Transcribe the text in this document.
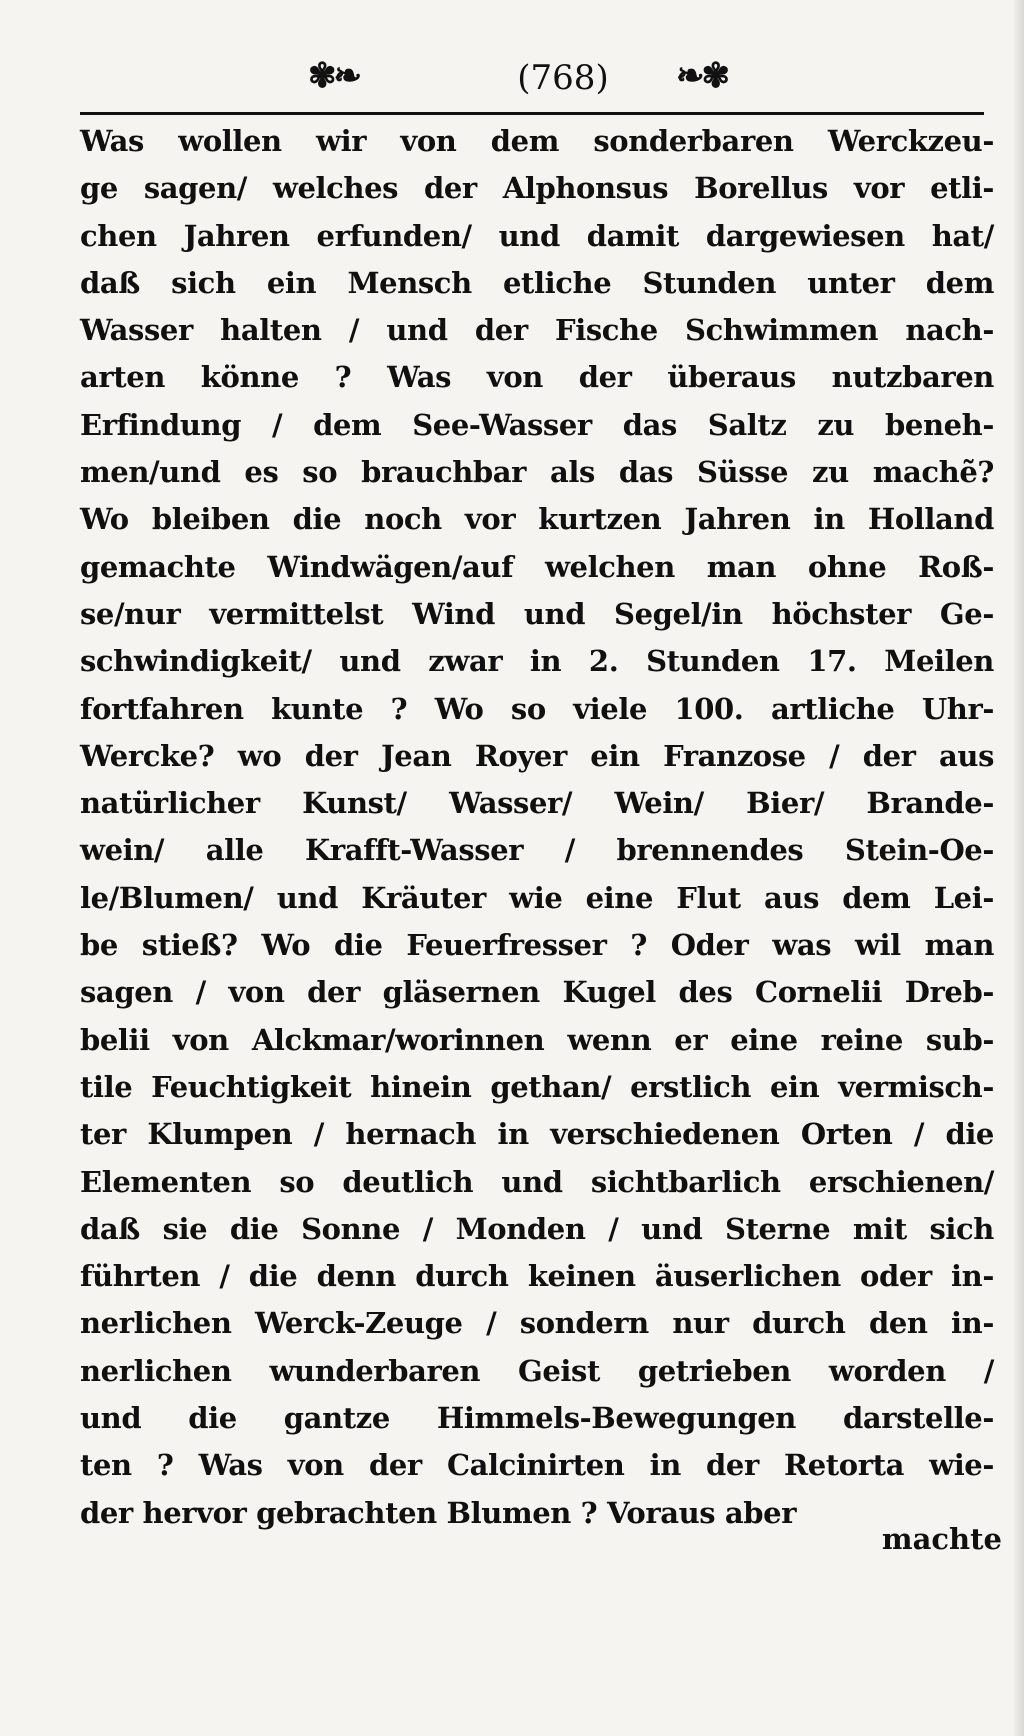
✾❧	(768)	❧✾
Was wollen wir von dem sonderbaren Werckzeu-
ge sagen/ welches der Alphonsus Borellus vor etli-
chen Jahren erfunden/ und damit dargewiesen hat/
daß sich ein Mensch etliche Stunden unter dem
Wasser halten / und der Fische Schwimmen nach-
arten könne ? Was von der überaus nutzbaren
Erfindung / dem See-Wasser das Saltz zu beneh-
men/und es so brauchbar als das Süsse zu machẽ?
Wo bleiben die noch vor kurtzen Jahren in Holland
gemachte Windwägen/auf welchen man ohne Roß-
se/nur vermittelst Wind und Segel/in höchster Ge-
schwindigkeit/ und zwar in 2. Stunden 17. Meilen
fortfahren kunte ? Wo so viele 100. artliche Uhr-
Wercke? wo der Jean Royer ein Franzose / der aus
natürlicher Kunst/ Wasser/ Wein/ Bier/ Brande-
wein/ alle Krafft-Wasser / brennendes Stein-Oe-
le/Blumen/ und Kräuter wie eine Flut aus dem Lei-
be stieß? Wo die Feuerfresser ? Oder was wil man
sagen / von der gläsernen Kugel des Cornelii Dreb-
belii von Alckmar/worinnen wenn er eine reine sub-
tile Feuchtigkeit hinein gethan/ erstlich ein vermisch-
ter Klumpen / hernach in verschiedenen Orten / die
Elementen so deutlich und sichtbarlich erschienen/
daß sie die Sonne / Monden / und Sterne mit sich
führten / die denn durch keinen äuserlichen oder in-
nerlichen Werck-Zeuge / sondern nur durch den in-
nerlichen wunderbaren Geist getrieben worden /
und die gantze Himmels-Bewegungen darstelle-
ten ? Was von der Calcinirten in der Retorta wie-
der hervor gebrachten Blumen ? Voraus aber
machte
